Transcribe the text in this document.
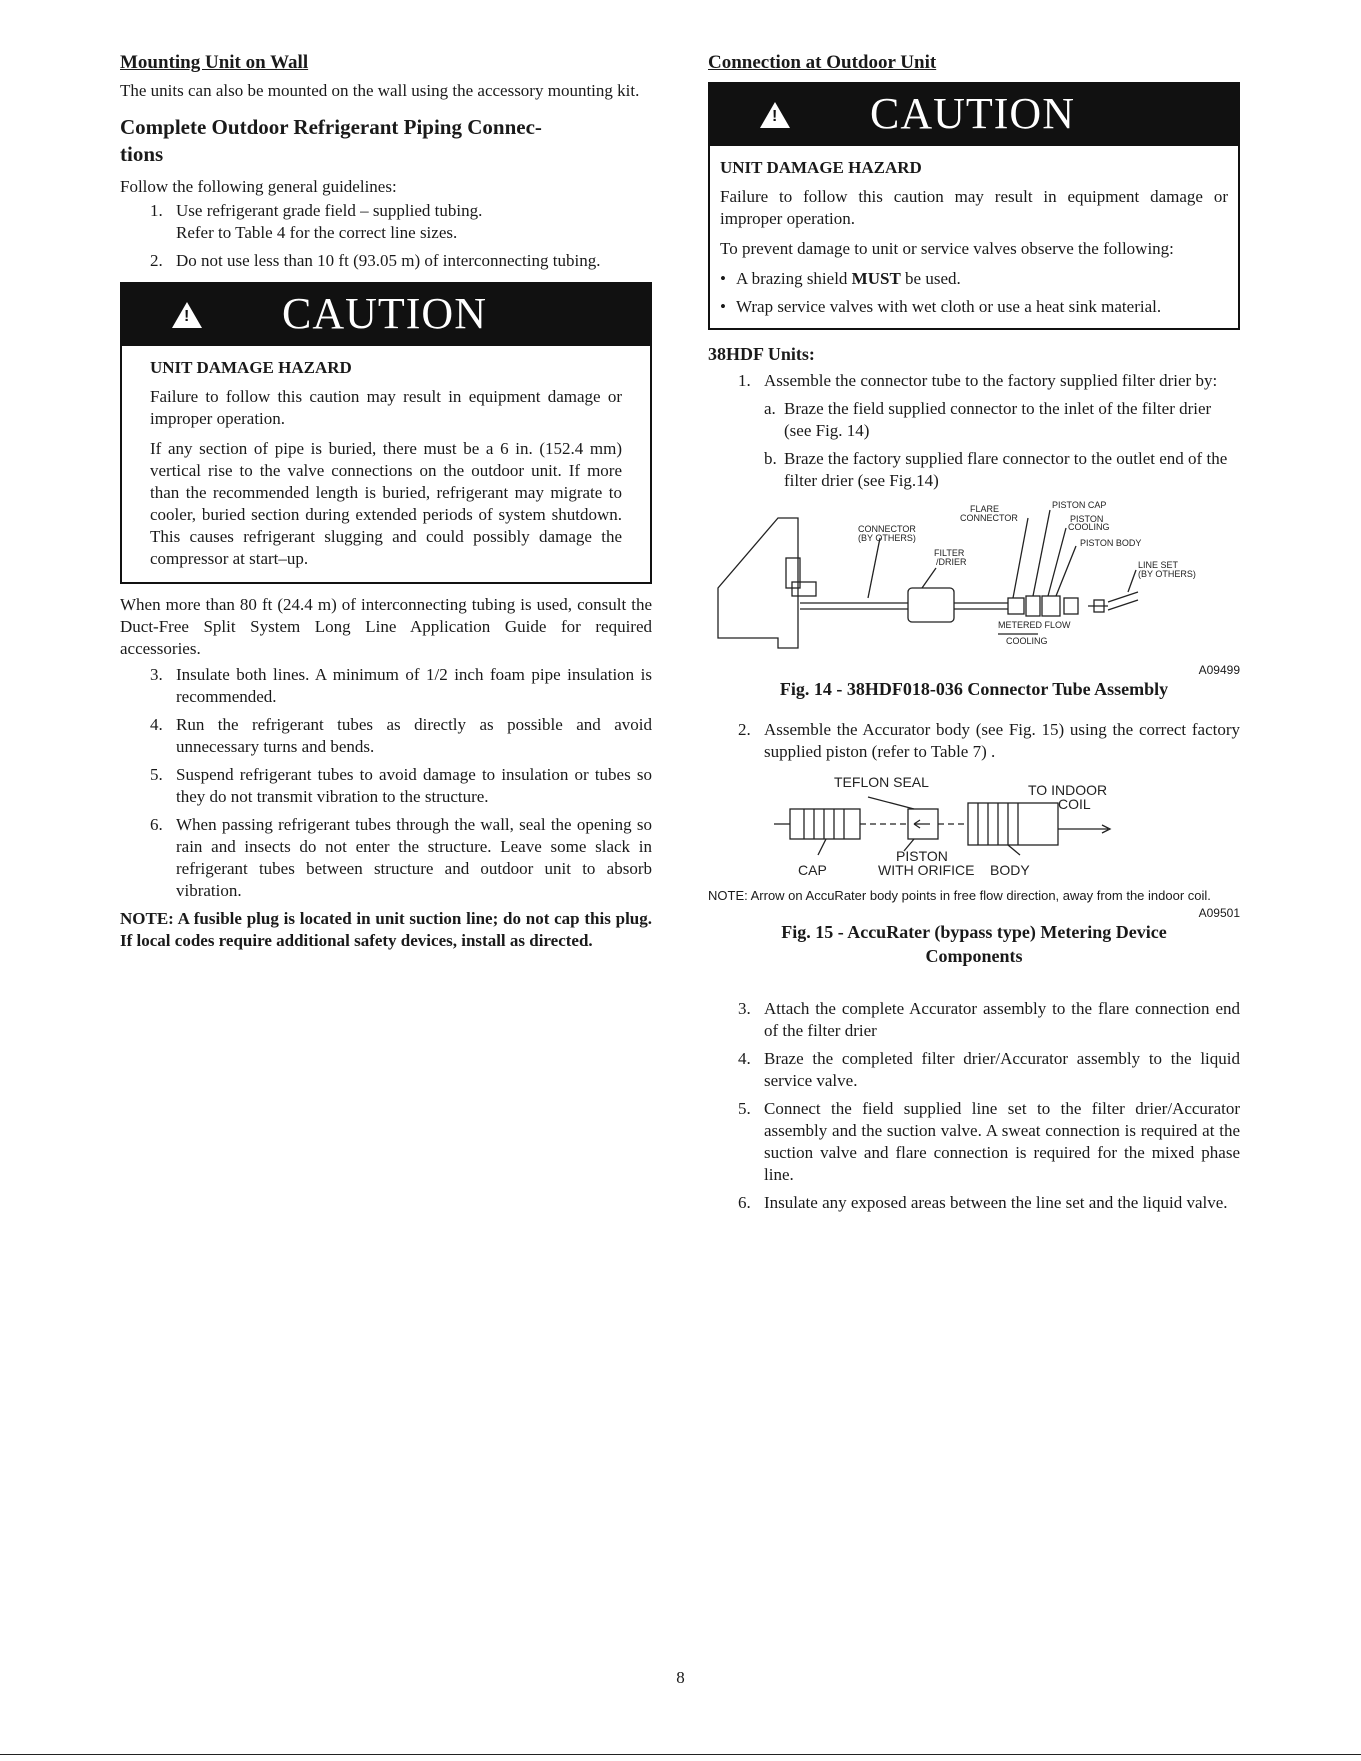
Mounting Unit on Wall

The units can also be mounted on the wall using the accessory mounting kit.

Complete Outdoor Refrigerant Piping Connec-
tions

Follow the following general guidelines:

1. Use refrigerant grade field – supplied tubing.
Refer to Table 4 for the correct line sizes.
2. Do not use less than 10 ft (93.05 m) of interconnecting tubing.
!
CAUTION
UNIT DAMAGE HAZARD

Failure to follow this caution may result in equipment damage or improper operation.

If any section of pipe is buried, there must be a 6 in. (152.4 mm) vertical rise to the valve connections on the outdoor unit. If more than the recommended length is buried, refrigerant may migrate to cooler, buried section during extended periods of system shutdown. This causes refrigerant slugging and could possibly damage the compressor at start–up.

When more than 80 ft (24.4 m) of interconnecting tubing is used, consult the Duct-Free Split System Long Line Application Guide for required accessories.

3. Insulate both lines. A minimum of 1/2 inch foam pipe insulation is recommended.
4. Run the refrigerant tubes as directly as possible and avoid unnecessary turns and bends.
5. Suspend refrigerant tubes to avoid damage to insulation or tubes so they do not transmit vibration to the structure.
6. When passing refrigerant tubes through the wall, seal the opening so rain and insects do not enter the structure. Leave some slack in refrigerant tubes between structure and outdoor unit to absorb vibration.

NOTE: A fusible plug is located in unit suction line; do not cap this plug. If local codes require additional safety devices, install as directed.

Connection at Outdoor Unit
!
CAUTION
UNIT DAMAGE HAZARD

Failure to follow this caution may result in equipment damage or improper operation.

To prevent damage to unit or service valves observe the following:

• A brazing shield MUST be used.
• Wrap service valves with wet cloth or use a heat sink material.
38HDF Units:
1. Assemble the connector tube to the factory supplied filter drier by:
a. Braze the field supplied connector to the inlet of the filter drier (see Fig. 14)
b. Braze the factory supplied flare connector to the outlet end of the filter drier (see Fig.14)
FLARE
CONNECTOR
PISTON CAP
PISTON
COOLING
CONNECTOR
(BY OTHERS)	PISTON BODY
FILTER
/DRIER	LINE SET
(BY OTHERS)
METERED FLOW
COOLING
A09499
Fig. 14 - 38HDF018-036 Connector Tube Assembly
2. Assemble the Accurator body (see Fig. 15) using the correct factory supplied piston (refer to Table 7) .
TEFLON SEAL	TO INDOOR
COIL
PISTON
WITH ORIFICE
CAP	BODY
NOTE: Arrow on AccuRater body points in free flow direction, away from the indoor coil.
A09501
Fig. 15 - AccuRater (bypass type) Metering Device
Components
3. Attach the complete Accurator assembly to the flare connection end of the filter drier
4. Braze the completed filter drier/Accurator assembly to the liquid service valve.
5. Connect the field supplied line set to the filter drier/Accurator assembly and the suction valve. A sweat connection is required at the suction valve and flare connection is required for the mixed phase line.
6. Insulate any exposed areas between the line set and the liquid valve.
8
